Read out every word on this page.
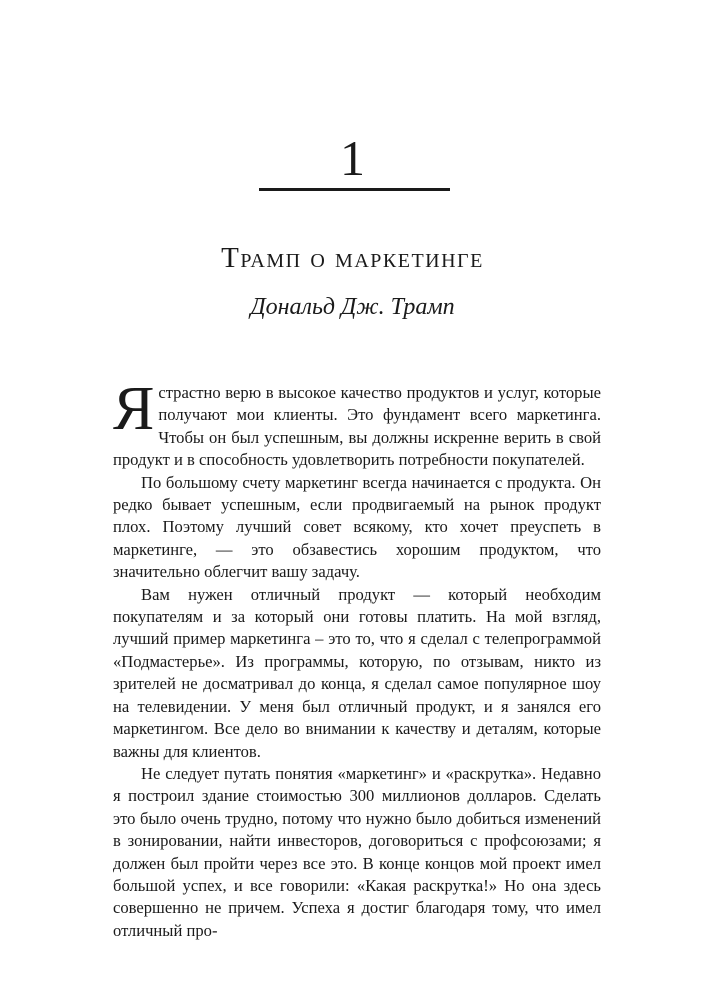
1
Трамп о маркетинге
Дональд Дж. Трамп

Я страстно верю в высокое качество продуктов и услуг, которые получают мои клиенты. Это фундамент всего маркетинга. Чтобы он был успешным, вы должны искренне верить в свой продукт и в способность удовлетворить потребности покупателей.

По большому счету маркетинг всегда начинается с продукта. Он редко бывает успешным, если продвигаемый на рынок продукт плох. Поэтому лучший совет всякому, кто хочет преуспеть в маркетинге, — это обзавестись хорошим продуктом, что значительно облегчит вашу задачу.

Вам нужен отличный продукт — который необходим покупателям и за который они готовы платить. На мой взгляд, лучший пример маркетинга – это то, что я сделал с телепрограммой «Подмастерье». Из программы, которую, по отзывам, никто из зрителей не досматривал до конца, я сделал самое популярное шоу на телевидении. У меня был отличный продукт, и я занялся его маркетингом. Все дело во внимании к качеству и деталям, которые важны для клиентов.

Не следует путать понятия «маркетинг» и «раскрутка». Недавно я построил здание стоимостью 300 миллионов долларов. Сделать это было очень трудно, потому что нужно было добиться изменений в зонировании, найти инвесторов, договориться с профсоюзами; я должен был пройти через все это. В конце концов мой проект имел большой успех, и все говорили: «Какая раскрутка!» Но она здесь совершенно не причем. Успеха я достиг благодаря тому, что имел отличный про-
